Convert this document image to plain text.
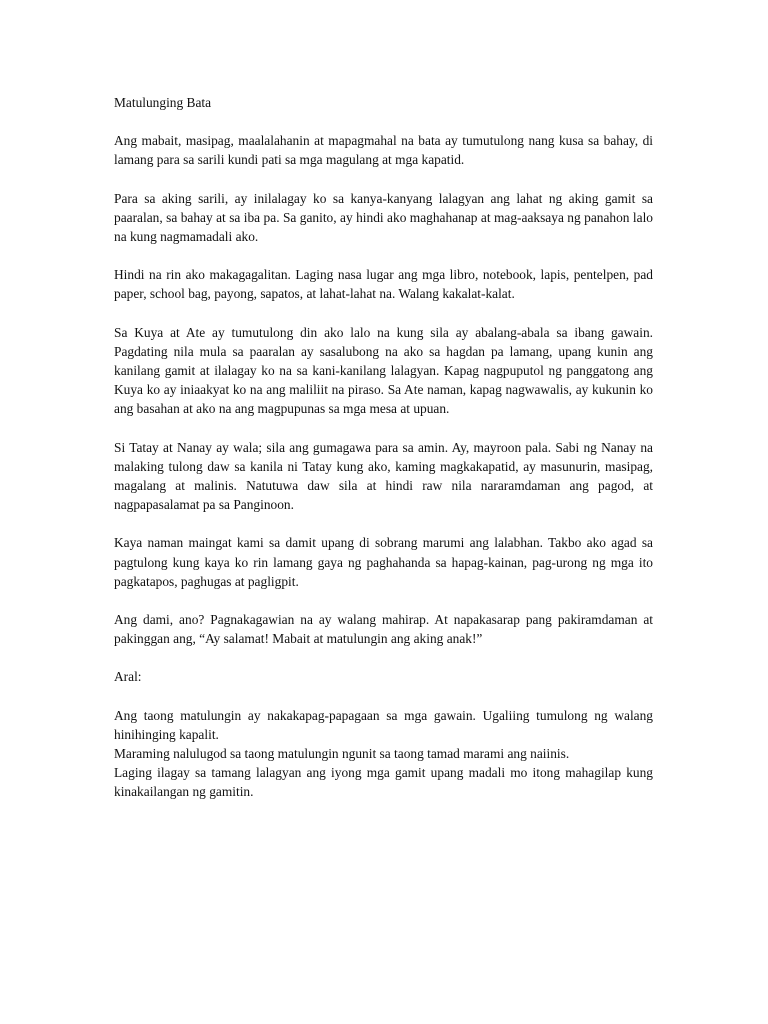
Matulunging Bata

Ang mabait, masipag, maalalahanin at mapagmahal na bata ay tumutulong nang kusa sa bahay, di lamang para sa sarili kundi pati sa mga magulang at mga kapatid.

Para sa aking sarili, ay inilalagay ko sa kanya-kanyang lalagyan ang lahat ng aking gamit sa paaralan, sa bahay at sa iba pa. Sa ganito, ay hindi ako maghahanap at mag-aaksaya ng panahon lalo na kung nagmamadali ako.

Hindi na rin ako makagagalitan. Laging nasa lugar ang mga libro, notebook, lapis, pentelpen, pad paper, school bag, payong, sapatos, at lahat-lahat na. Walang kakalat-kalat.

Sa Kuya at Ate ay tumutulong din ako lalo na kung sila ay abalang-abala sa ibang gawain. Pagdating nila mula sa paaralan ay sasalubong na ako sa hagdan pa lamang, upang kunin ang kanilang gamit at ilalagay ko na sa kani-kanilang lalagyan. Kapag nagpuputol ng panggatong ang Kuya ko ay iniaakyat ko na ang maliliit na piraso. Sa Ate naman, kapag nagwawalis, ay kukunin ko ang basahan at ako na ang magpupunas sa mga mesa at upuan.

Si Tatay at Nanay ay wala; sila ang gumagawa para sa amin. Ay, mayroon pala. Sabi ng Nanay na malaking tulong daw sa kanila ni Tatay kung ako, kaming magkakapatid, ay masunurin, masipag, magalang at malinis. Natutuwa daw sila at hindi raw nila nararamdaman ang pagod, at nagpapasalamat pa sa Panginoon.

Kaya naman maingat kami sa damit upang di sobrang marumi ang lalabhan. Takbo ako agad sa pagtulong kung kaya ko rin lamang gaya ng paghahanda sa hapag-kainan, pag-urong ng mga ito pagkatapos, paghugas at pagligpit.

Ang dami, ano? Pagnakagawian na ay walang mahirap. At napakasarap pang pakiramdaman at pakinggan ang, “Ay salamat! Mabait at matulungin ang aking anak!”

Aral:

Ang taong matulungin ay nakakapag-papagaan sa mga gawain. Ugaliing tumulong ng walang hinihinging kapalit.

Maraming nalulugod sa taong matulungin ngunit sa taong tamad marami ang naiinis.

Laging ilagay sa tamang lalagyan ang iyong mga gamit upang madali mo itong mahagilap kung kinakailangan ng gamitin.
